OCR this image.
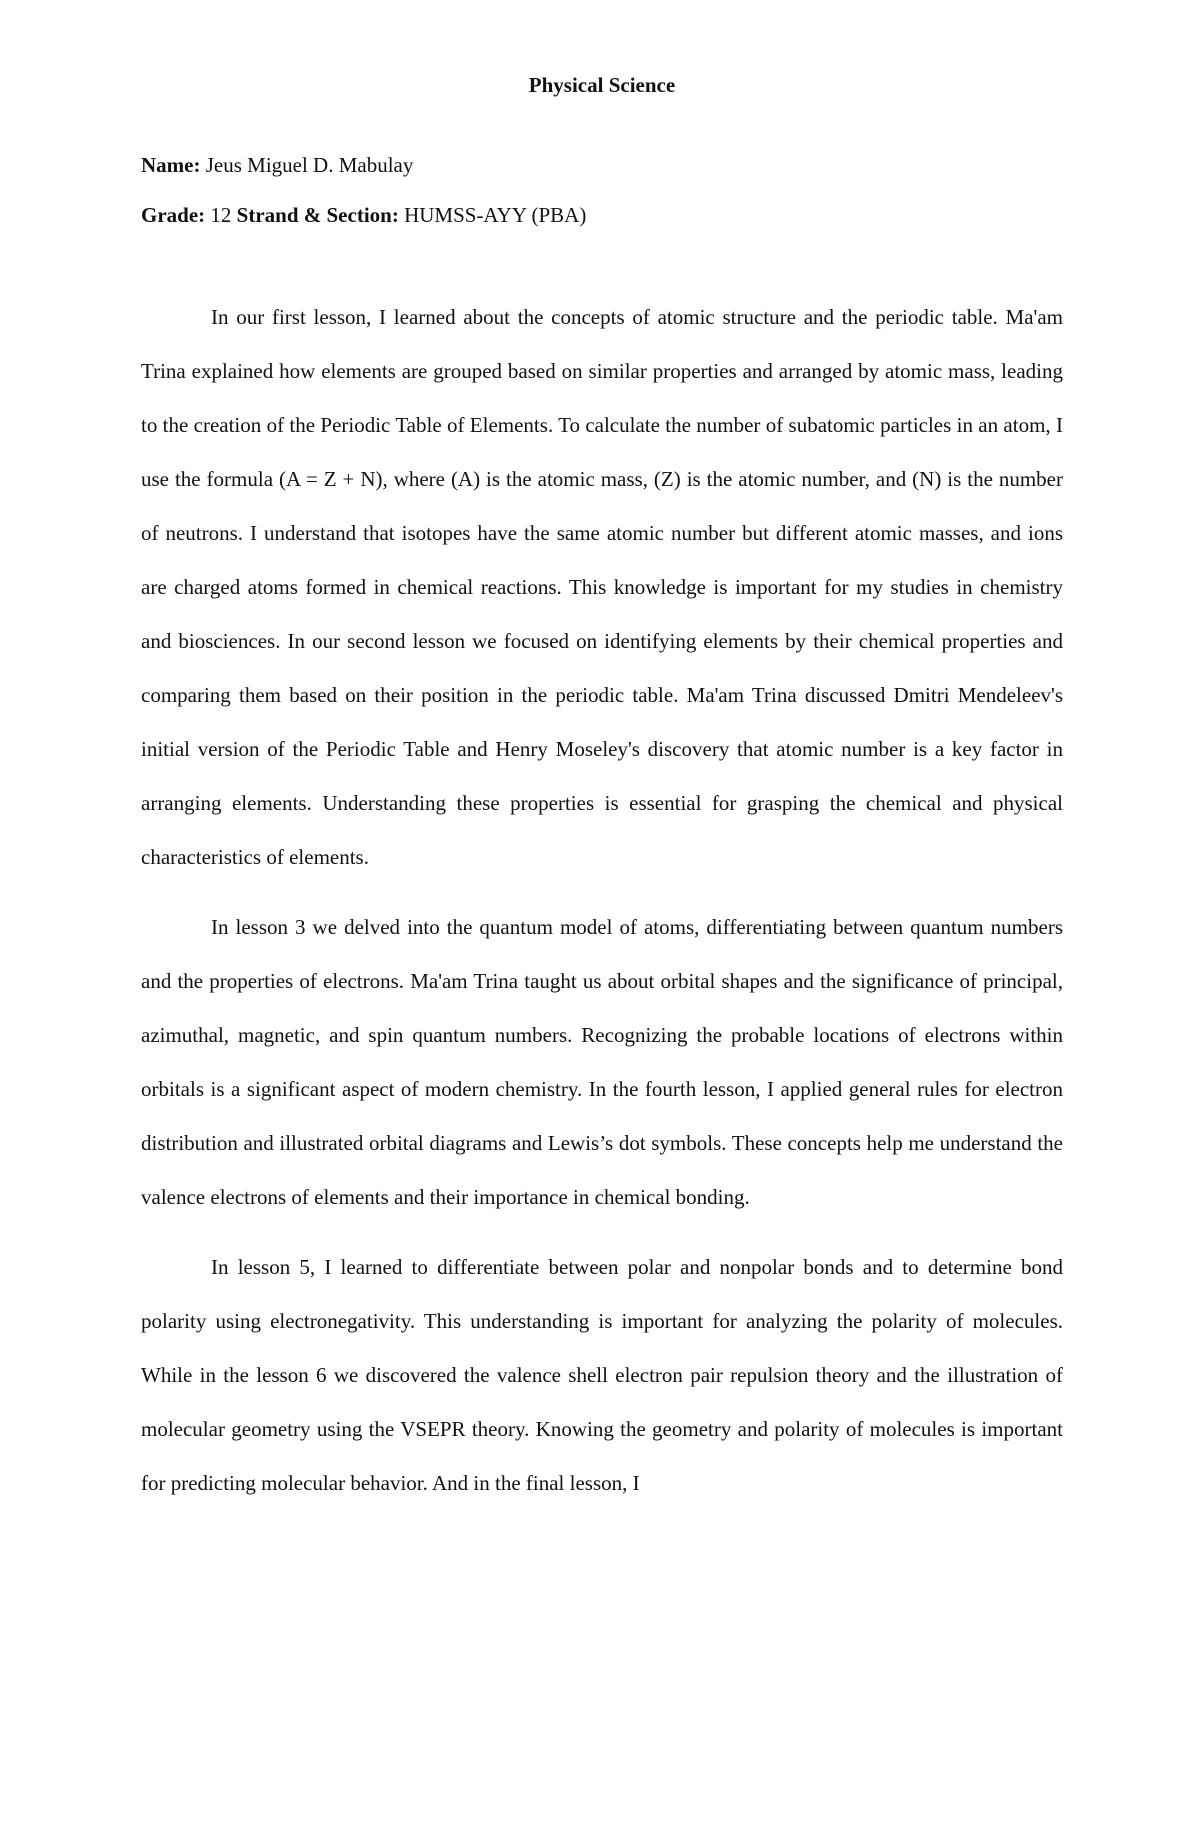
Physical Science
Name: Jeus Miguel D. Mabulay
Grade: 12 Strand & Section: HUMSS-AYY (PBA)

In our first lesson, I learned about the concepts of atomic structure and the periodic table. Ma'am Trina explained how elements are grouped based on similar properties and arranged by atomic mass, leading to the creation of the Periodic Table of Elements. To calculate the number of subatomic particles in an atom, I use the formula (A = Z + N), where (A) is the atomic mass, (Z) is the atomic number, and (N) is the number of neutrons. I understand that isotopes have the same atomic number but different atomic masses, and ions are charged atoms formed in chemical reactions. This knowledge is important for my studies in chemistry and biosciences. In our second lesson we focused on identifying elements by their chemical properties and comparing them based on their position in the periodic table. Ma'am Trina discussed Dmitri Mendeleev's initial version of the Periodic Table and Henry Moseley's discovery that atomic number is a key factor in arranging elements. Understanding these properties is essential for grasping the chemical and physical characteristics of elements.

In lesson 3 we delved into the quantum model of atoms, differentiating between quantum numbers and the properties of electrons. Ma'am Trina taught us about orbital shapes and the significance of principal, azimuthal, magnetic, and spin quantum numbers. Recognizing the probable locations of electrons within orbitals is a significant aspect of modern chemistry. In the fourth lesson, I applied general rules for electron distribution and illustrated orbital diagrams and Lewis’s dot symbols. These concepts help me understand the valence electrons of elements and their importance in chemical bonding.

In lesson 5, I learned to differentiate between polar and nonpolar bonds and to determine bond polarity using electronegativity. This understanding is important for analyzing the polarity of molecules. While in the lesson 6 we discovered the valence shell electron pair repulsion theory and the illustration of molecular geometry using the VSEPR theory. Knowing the geometry and polarity of molecules is important for predicting molecular behavior. And in the final lesson, I
